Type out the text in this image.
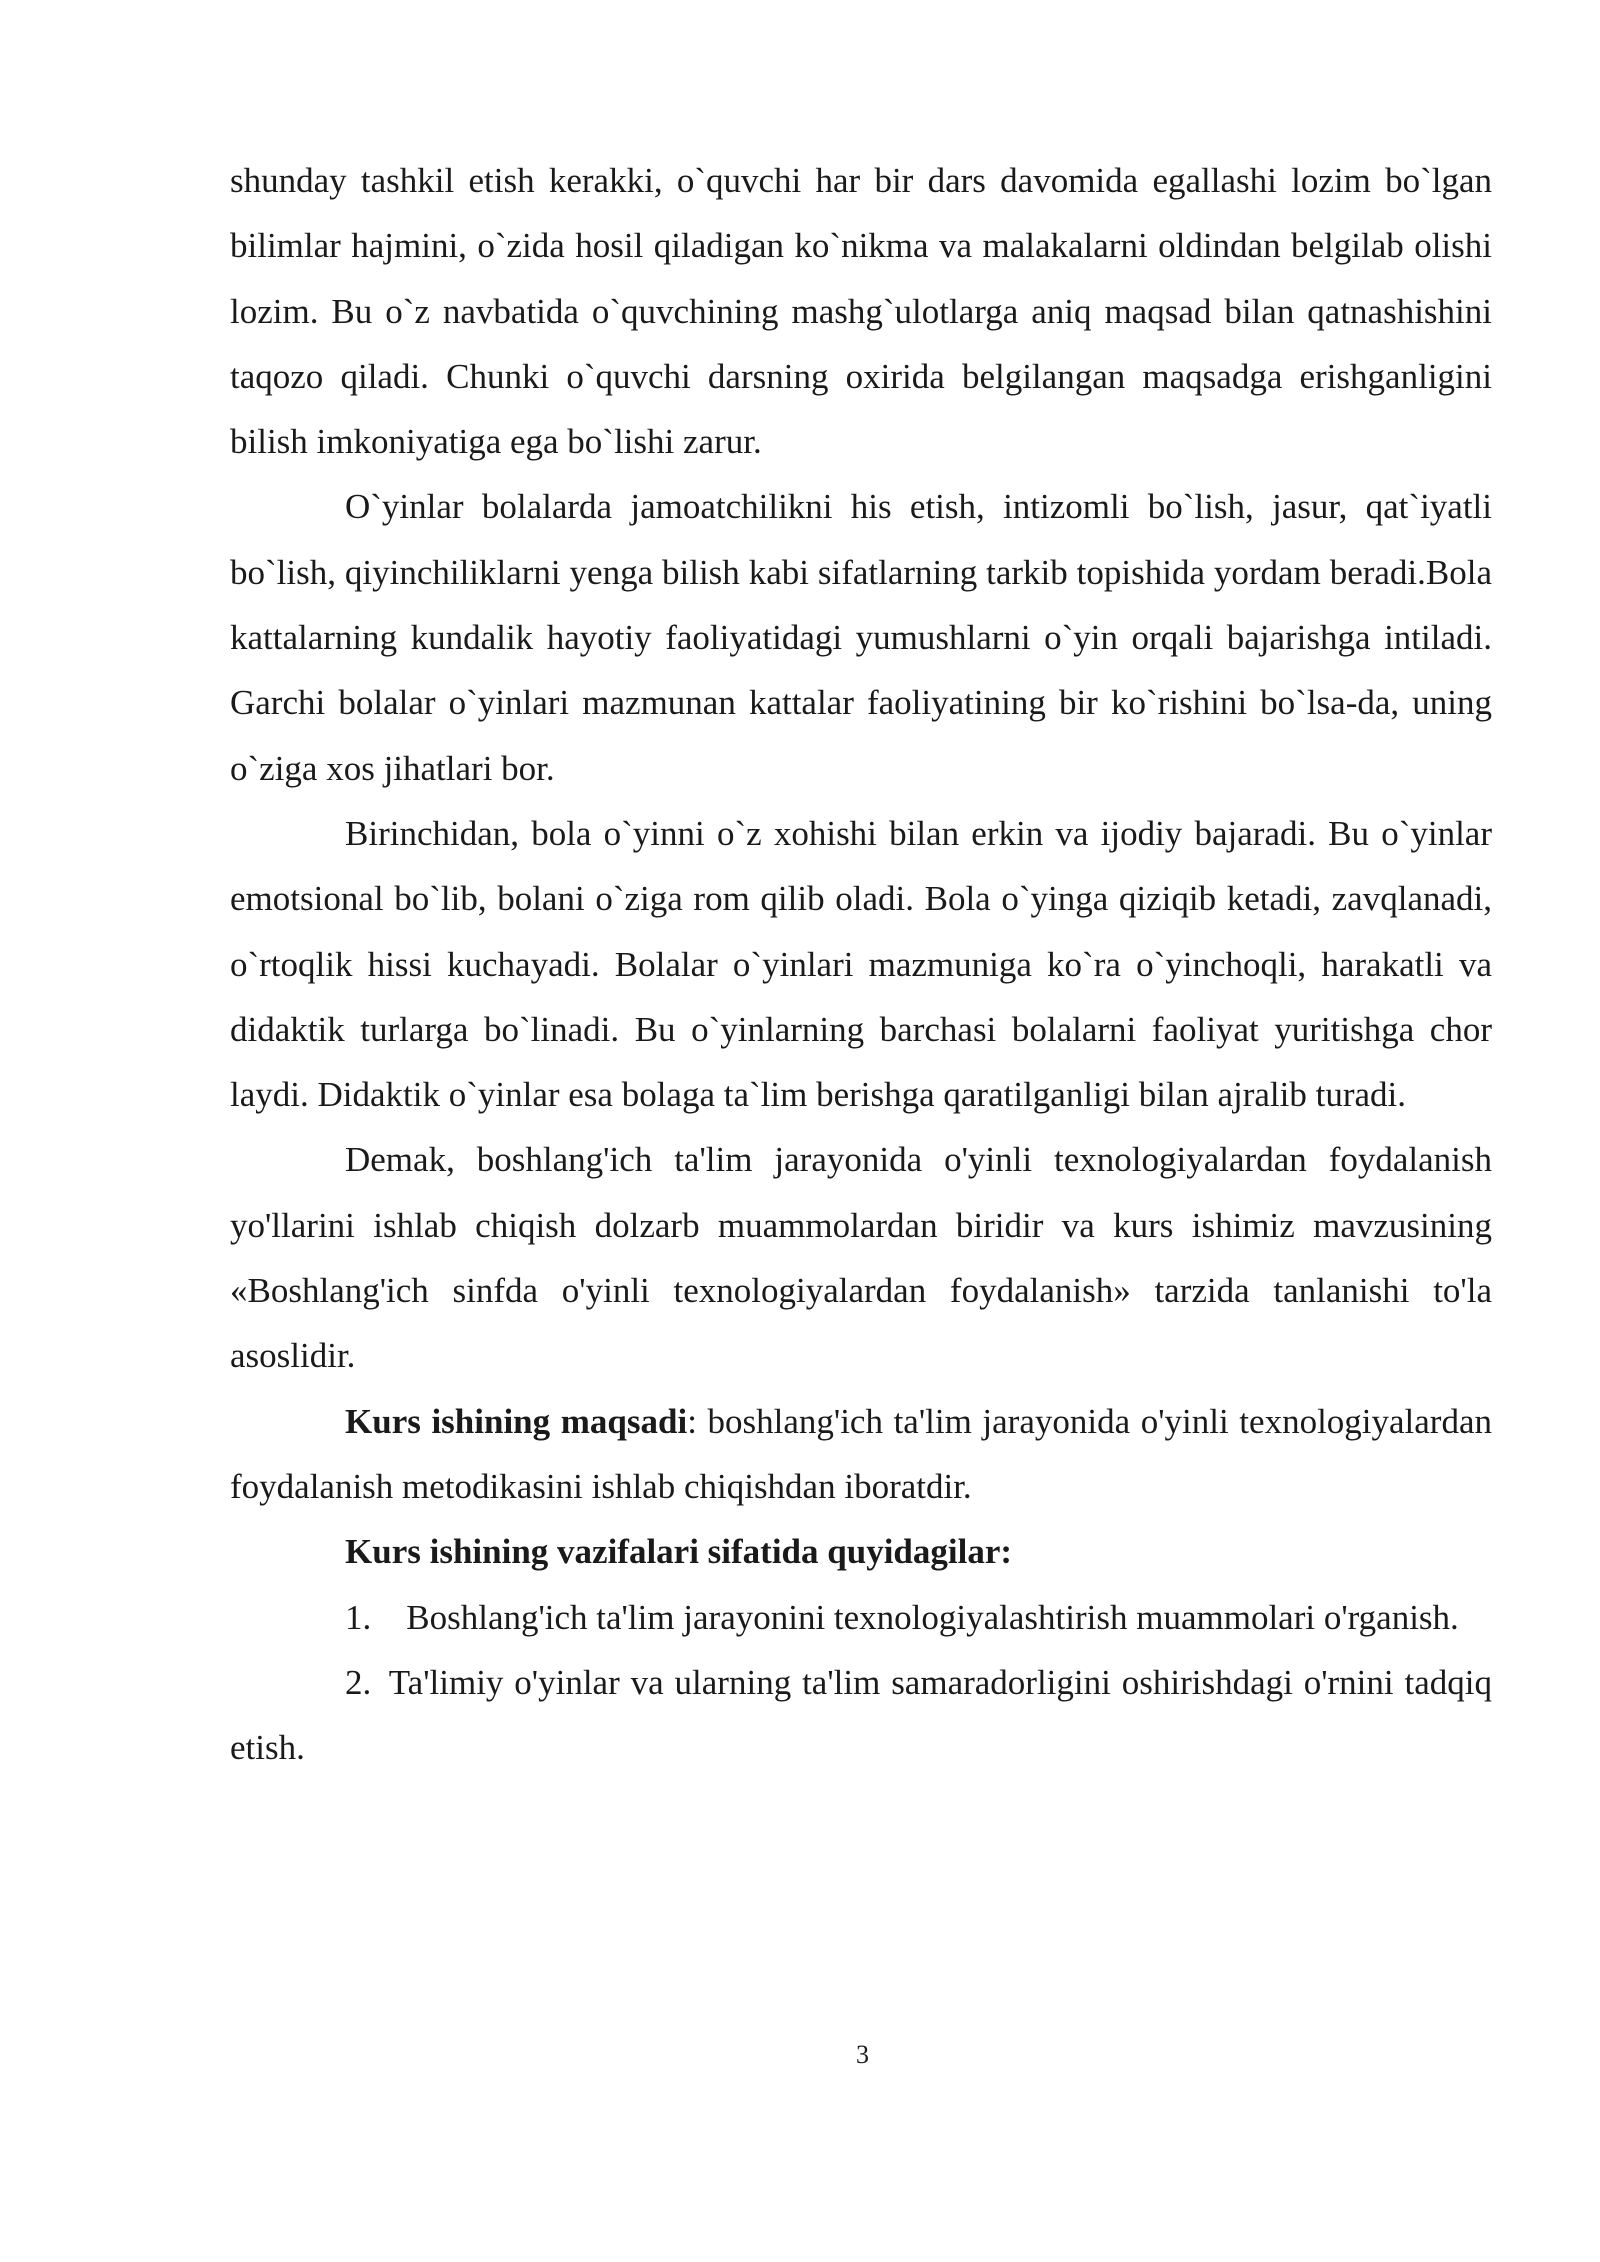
shunday tashkil etish kerakki, o`quvchi har bir dars davomida egallashi lozim bo`lgan bilimlar hajmini, o`zida hosil qiladigan ko`nikma va malakalarni oldindan belgilab olishi lozim. Bu o`z navbatida o`quvchining mashg`ulotlarga aniq maqsad bilan qatnashishini taqozo qiladi. Chunki o`quvchi darsning oxirida belgilangan maqsadga erishganligini bilish imkoniyatiga ega bo`lishi zarur.

O`yinlar bolalarda jamoatchilikni his etish, intizomli bo`lish, jasur, qat`iyatli bo`lish, qiyinchiliklarni yenga bilish kabi sifatlarning tarkib topishida yordam beradi.Bola kattalarning kundalik hayotiy faoliyatidagi yumushlarni o`yin orqali bajarishga intiladi. Garchi bolalar o`yinlari mazmunan kattalar faoliyatining bir ko`rishini bo`lsa-da, uning o`ziga xos jihatlari bor.

Birinchidan, bola o`yinni o`z xohishi bilan erkin va ijodiy bajaradi. Bu o`yinlar emotsional bo`lib, bolani o`ziga rom qilib oladi. Bola o`yinga qiziqib ketadi, zavqlanadi, o`rtoqlik hissi kuchayadi. Bolalar o`yinlari mazmuniga ko`ra o`yinchoqli, harakatli va didaktik turlarga bo`linadi. Bu o`yinlarning barchasi bolalarni faoliyat yuritishga chor laydi. Didaktik o`yinlar esa bolaga ta`lim berishga qaratilganligi bilan ajralib turadi.

Demak, boshlang'ich ta'lim jarayonida o'yinli texnologiyalardan foydalanish yo'llarini ishlab chiqish dolzarb muammolardan biridir va kurs ishimiz mavzusining «Boshlang'ich sinfda o'yinli texnologiyalardan foydalanish» tarzida tanlanishi to'la asoslidir.

Kurs ishining maqsadi: boshlang'ich ta'lim jarayonida o'yinli texnologiyalardan foydalanish metodikasini ishlab chiqishdan iboratdir.

Kurs ishining vazifalari sifatida quyidagilar:

1. Boshlang'ich ta'lim jarayonini texnologiyalashtirish muammolari o'rganish.

2. Ta'limiy o'yinlar va ularning ta'lim samaradorligini oshirishdagi o'rnini tadqiq etish.

3
